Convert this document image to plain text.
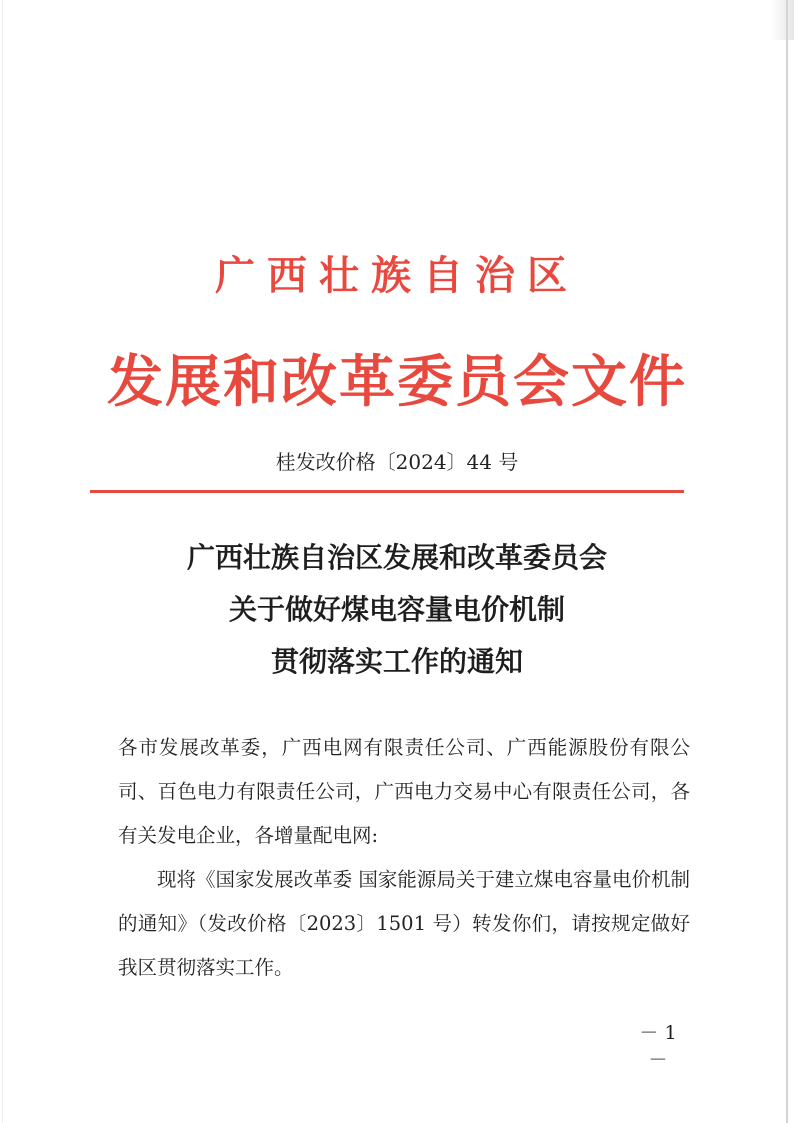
广西壮族自治区
发展和改革委员会文件
桂发改价格〔2024〕44 号
广西壮族自治区发展和改革委员会
关于做好煤电容量电价机制
贯彻落实工作的通知

各市发展改革委，广西电网有限责任公司、广西能源股份有限公司、百色电力有限责任公司，广西电力交易中心有限责任公司，各有关发电企业，各增量配电网:

现将《国家发展改革委 国家能源局关于建立煤电容量电价机制的通知》（发改价格〔2023〕1501 号）转发你们，请按规定做好我区贯彻落实工作。

－ 1 －
